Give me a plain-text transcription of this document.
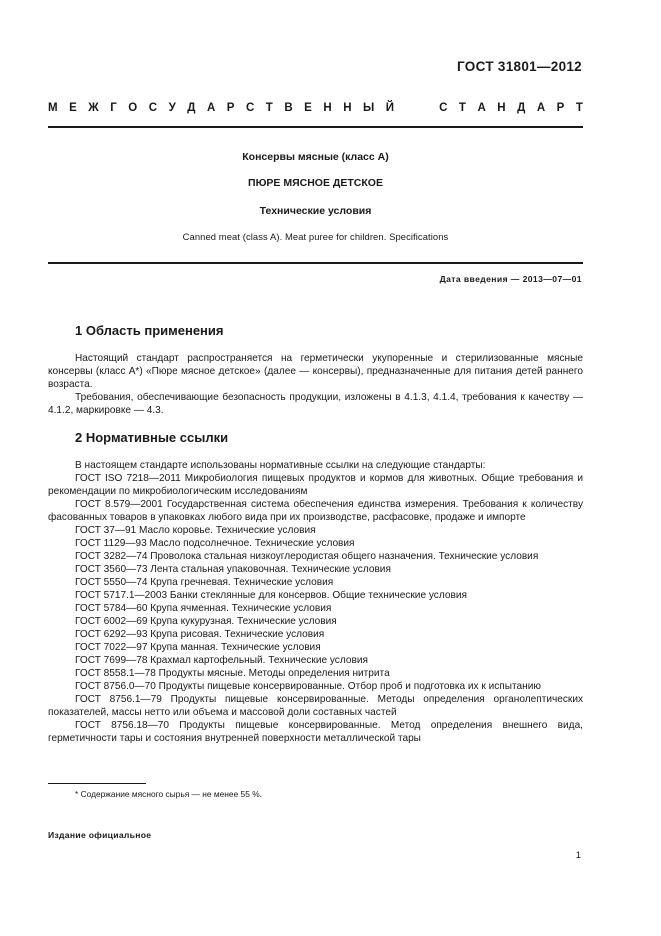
ГОСТ 31801—2012
М Е Ж Г О С У Д А Р С Т В Е Н Н Ы Й	С Т А Н Д А Р Т
Консервы мясные (класс А)
ПЮРЕ МЯСНОЕ ДЕТСКОЕ
Технические условия
Canned meat (class A). Meat puree for children. Specifications
Дата введения — 2013—07—01
1 Область применения

Настоящий стандарт распространяется на герметически укупоренные и стерилизованные мясные консервы (класс А*) «Пюре мясное детское» (далее — консервы), предназначенные для питания детей раннего возраста.

Требования, обеспечивающие безопасность продукции, изложены в 4.1.3, 4.1.4, требования к качеству — 4.1.2, маркировке — 4.3.

2 Нормативные ссылки

В настоящем стандарте использованы нормативные ссылки на следующие стандарты:

ГОСТ ISO 7218—2011 Микробиология пищевых продуктов и кормов для животных. Общие требования и рекомендации по микробиологическим исследованиям

ГОСТ 8.579—2001 Государственная система обеспечения единства измерения. Требования к количеству фасованных товаров в упаковках любого вида при их производстве, расфасовке, продаже и импорте

ГОСТ 37—91 Масло коровье. Технические условия

ГОСТ 1129—93 Масло подсолнечное. Технические условия

ГОСТ 3282—74 Проволока стальная низкоуглеродистая общего назначения. Технические условия

ГОСТ 3560—73 Лента стальная упаковочная. Технические условия

ГОСТ 5550—74 Крупа гречневая. Технические условия

ГОСТ 5717.1—2003 Банки стеклянные для консервов. Общие технические условия

ГОСТ 5784—60 Крупа ячменная. Технические условия

ГОСТ 6002—69 Крупа кукурузная. Технические условия

ГОСТ 6292—93 Крупа рисовая. Технические условия

ГОСТ 7022—97 Крупа манная. Технические условия

ГОСТ 7699—78 Крахмал картофельный. Технические условия

ГОСТ 8558.1—78 Продукты мясные. Методы определения нитрита

ГОСТ 8756.0—70 Продукты пищевые консервированные. Отбор проб и подготовка их к испытанию

ГОСТ 8756.1—79 Продукты пищевые консервированные. Методы определения органолептических показателей, массы нетто или объема и массовой доли составных частей

ГОСТ 8756.18—70 Продукты пищевые консервированные. Метод определения внешнего вида, герметичности тары и состояния внутренней поверхности металлической тары

* Содержание мясного сырья — не менее 55 %.
Издание официальное
1
